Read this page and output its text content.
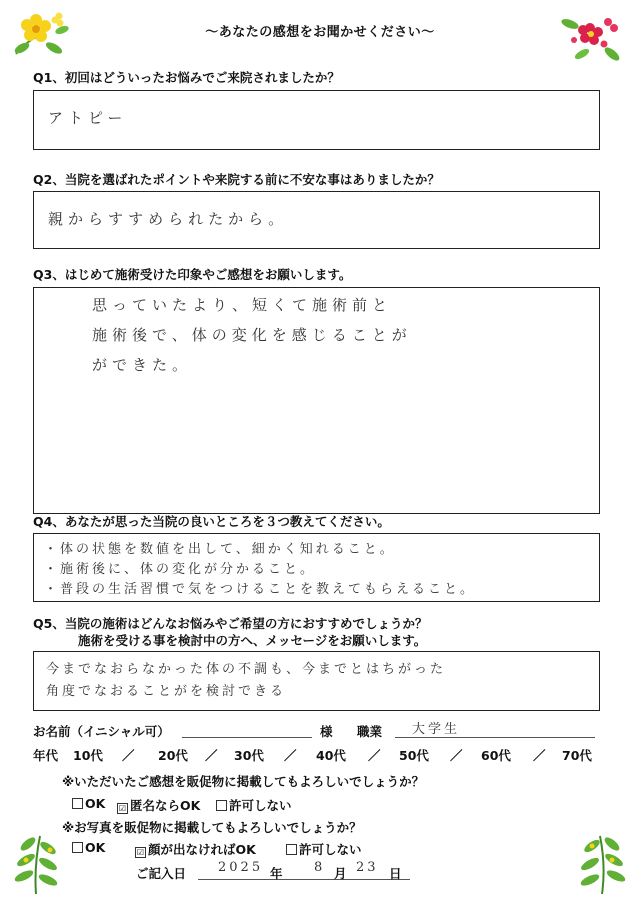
～あなたの感想をお聞かせください～
Q1、初回はどういったお悩みでご来院されましたか？
アトピー
Q2、当院を選ばれたポイントや来院する前に不安な事はありましたか？
親からすすめられたから。
Q3、はじめて施術受けた印象やご感想をお願いします。
思っていたより、短くて施術前と
施術後で、体の変化を感じることが
ができた。
Q4、あなたが思った当院の良いところを３つ教えてください。
・体の状態を数値を出して、細かく知れること。
・施術後に、体の変化が分かること。
・普段の生活習慣で気をつけることを教えてもらえること。
Q5、当院の施術はどんなお悩みやご希望の方におすすめでしょうか？
施術を受ける事を検討中の方へ、メッセージをお願いします。
今までなおらなかった体の不調も、今までとはちがった
角度でなおることがを検討できる
お名前（イニシャル可）	様 職業 大学生
年代 10代 ／ 20代 ／ 30代 ／ 40代 ／ 50代 ／ 60代 ／ 70代
※いただいたご感想を販促物に掲載してもよろしいでしょうか？
OK ☑ 匿名ならOK	許可しない
※お写真を販促物に掲載してもよろしいでしょうか？
OK	☑ 顔が出なければOK	許可しない
ご記入日 2025 年 8 月 23 日
